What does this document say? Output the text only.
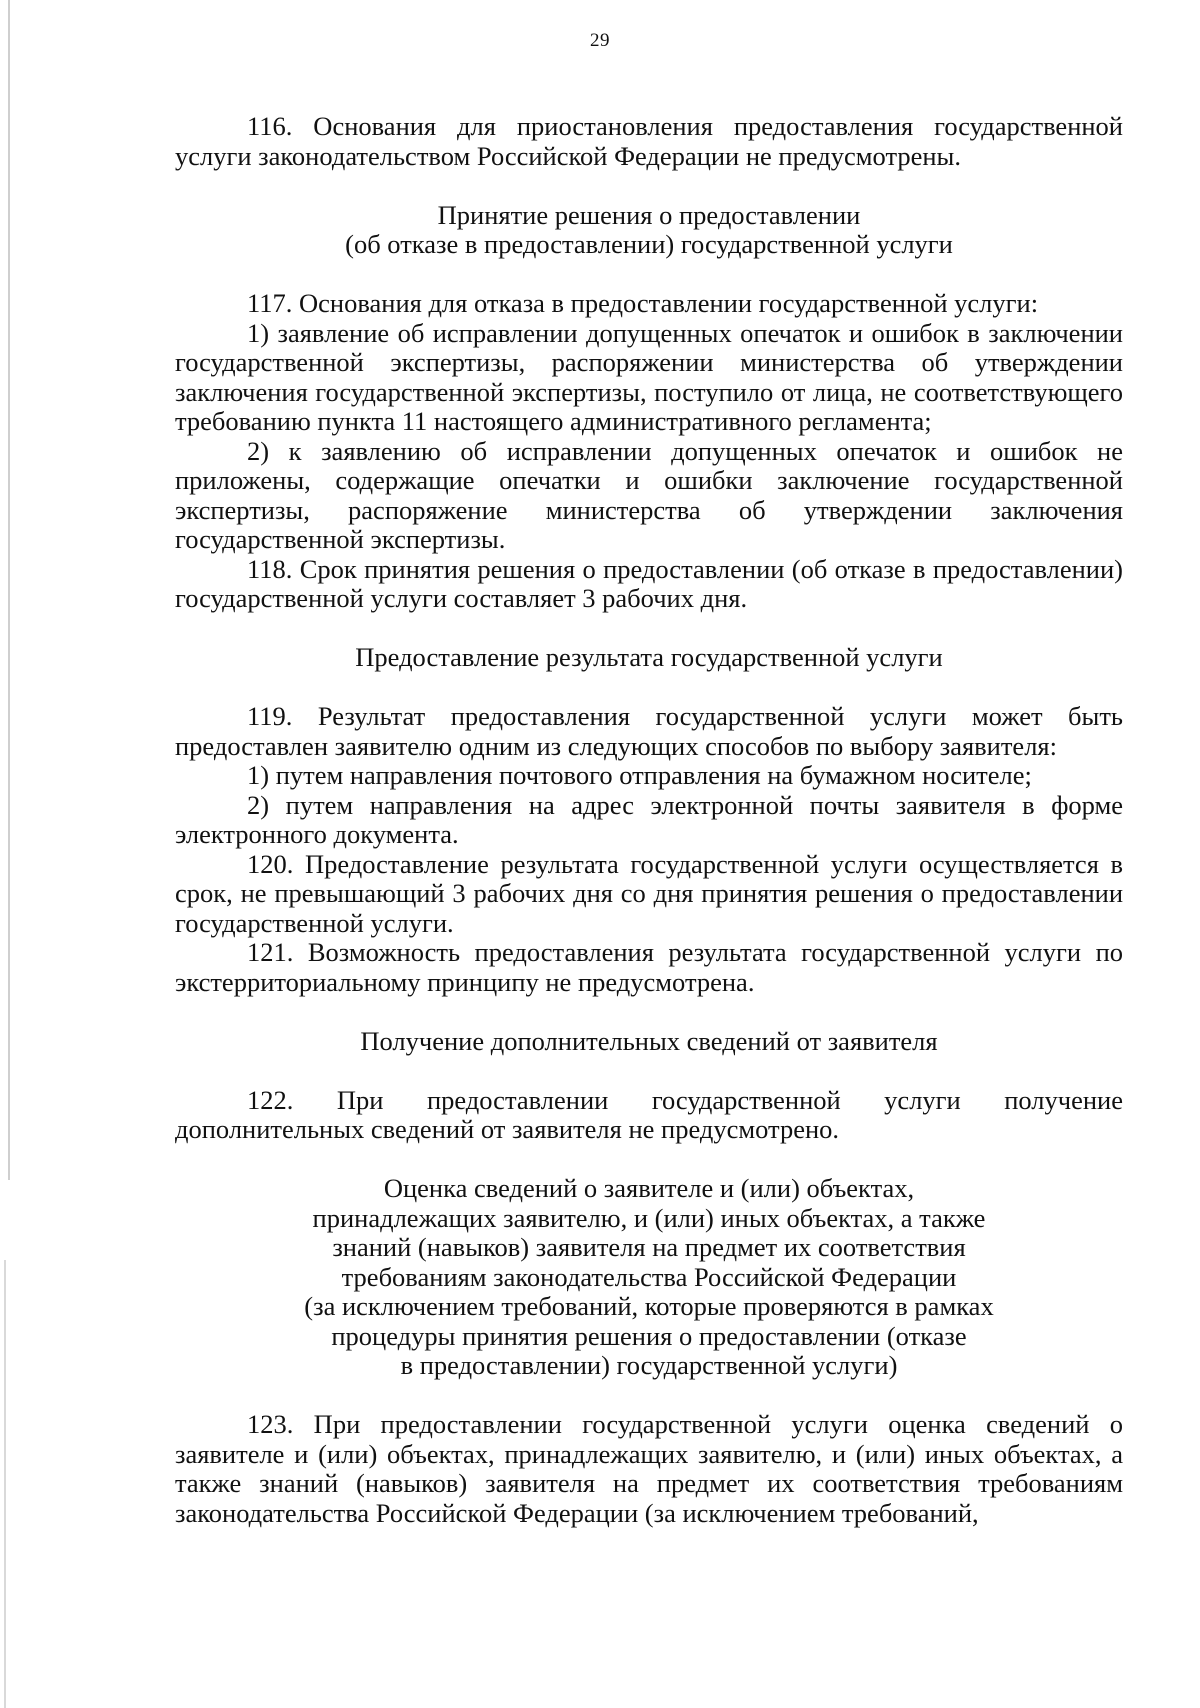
29

116. Основания для приостановления предоставления государственной услуги законодательством Российской Федерации не предусмотрены.

Принятие решения о предоставлении
(об отказе в предоставлении) государственной услуги

117. Основания для отказа в предоставлении государственной услуги:

1) заявление об исправлении допущенных опечаток и ошибок в заключении государственной экспертизы, распоряжении министерства об утверждении заключения государственной экспертизы, поступило от лица, не соответствующего требованию пункта 11 настоящего административного регламента;

2) к заявлению об исправлении допущенных опечаток и ошибок не приложены, содержащие опечатки и ошибки заключение государственной экспертизы, распоряжение министерства об утверждении заключения государственной экспертизы.

118. Срок принятия решения о предоставлении (об отказе в предоставлении) государственной услуги составляет 3 рабочих дня.

Предоставление результата государственной услуги

119. Результат предоставления государственной услуги может быть предоставлен заявителю одним из следующих способов по выбору заявителя:

1) путем направления почтового отправления на бумажном носителе;

2) путем направления на адрес электронной почты заявителя в форме электронного документа.

120. Предоставление результата государственной услуги осуществляется в срок, не превышающий 3 рабочих дня со дня принятия решения о предоставлении государственной услуги.

121. Возможность предоставления результата государственной услуги по экстерриториальному принципу не предусмотрена.

Получение дополнительных сведений от заявителя

122. При предоставлении государственной услуги получение дополнительных сведений от заявителя не предусмотрено.

Оценка сведений о заявителе и (или) объектах,
принадлежащих заявителю, и (или) иных объектах, а также
знаний (навыков) заявителя на предмет их соответствия
требованиям законодательства Российской Федерации
(за исключением требований, которые проверяются в рамках
процедуры принятия решения о предоставлении (отказе
в предоставлении) государственной услуги)

123. При предоставлении государственной услуги оценка сведений о заявителе и (или) объектах, принадлежащих заявителю, и (или) иных объектах, а также знаний (навыков) заявителя на предмет их соответствия требованиям законодательства Российской Федерации (за исключением требований,
